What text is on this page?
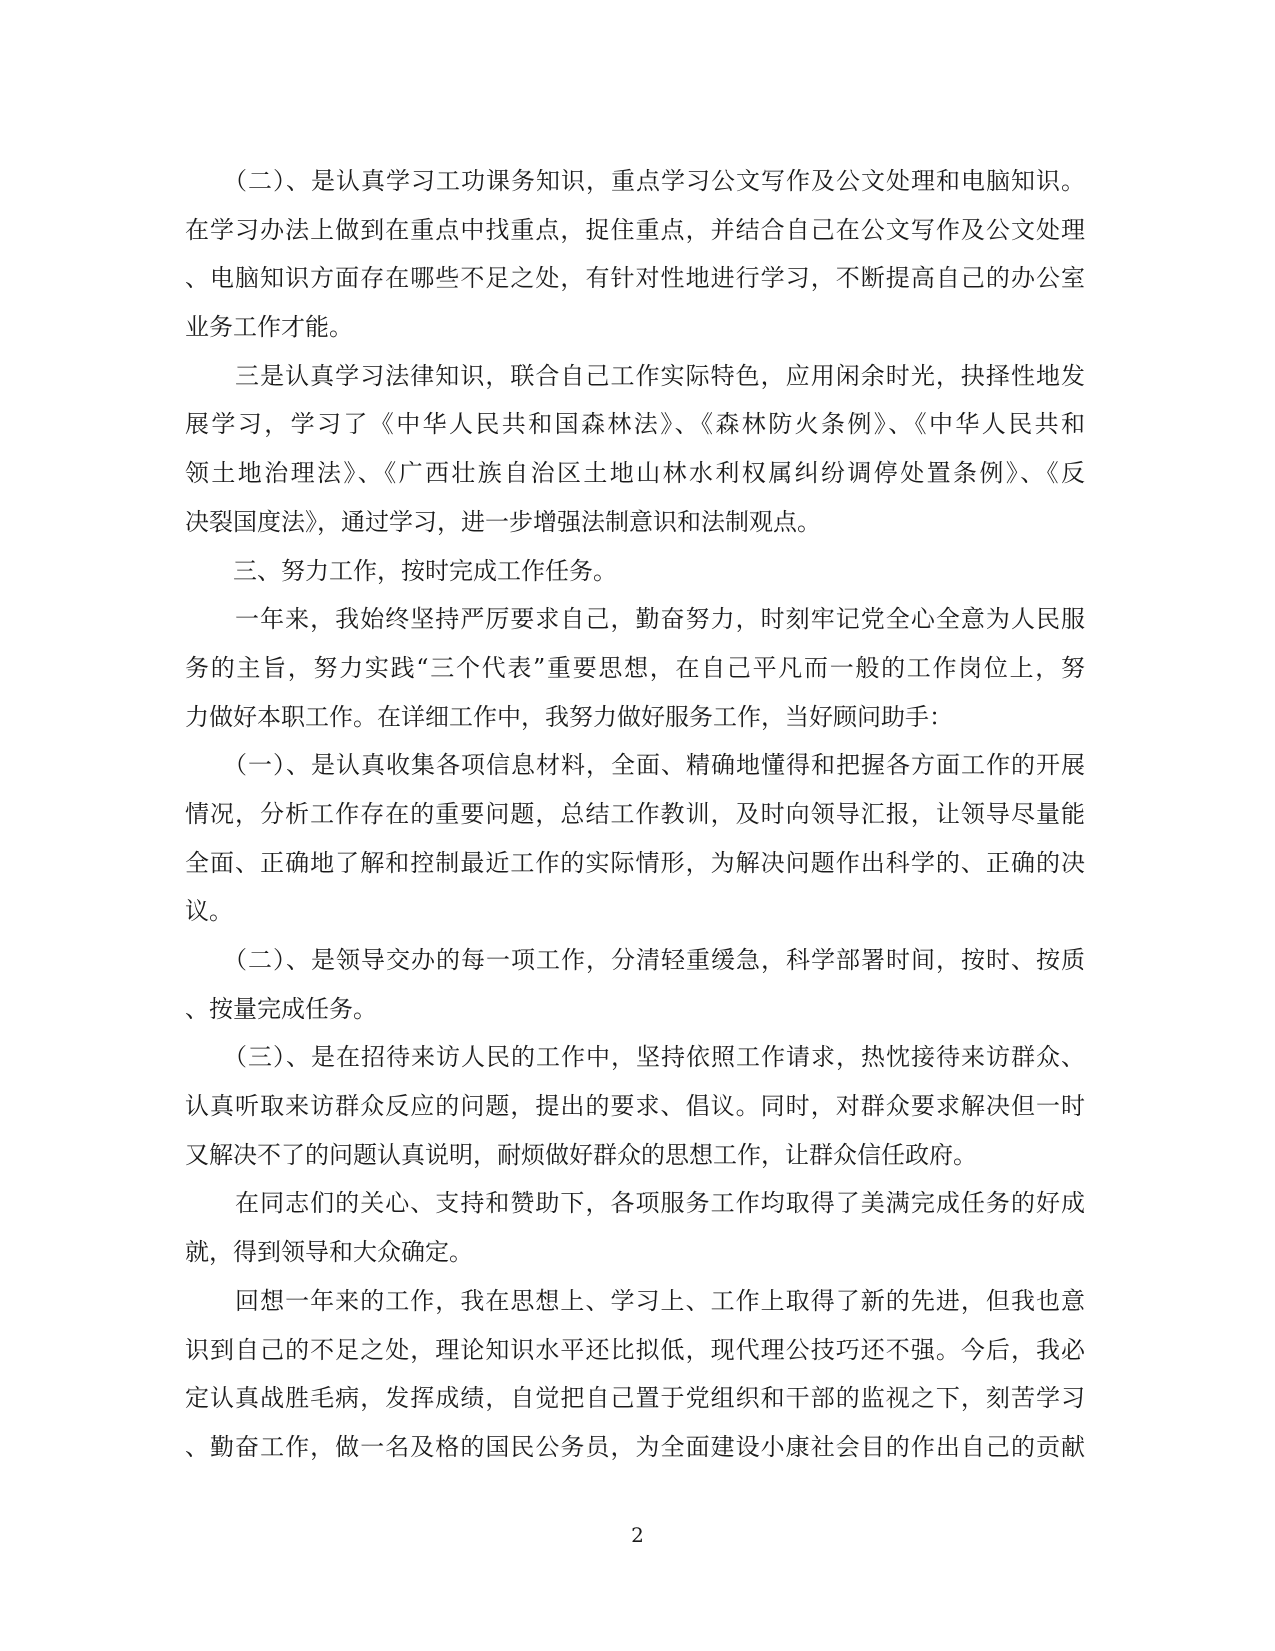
　　（二）、是认真学习工功课务知识，重点学习公文写作及公文处理和电脑知识。
在学习办法上做到在重点中找重点，捉住重点，并结合自己在公文写作及公文处理
、电脑知识方面存在哪些不足之处，有针对性地进行学习，不断提高自己的办公室
业务工作才能。
　　三是认真学习法律知识，联合自己工作实际特色，应用闲余时光，抉择性地发
展学习，学习了《中华人民共和国森林法》、《森林防火条例》、《中华人民共和
领土地治理法》、《广西壮族自治区土地山林水利权属纠纷调停处置条例》、《反
决裂国度法》，通过学习，进一步增强法制意识和法制观点。
　　三、努力工作，按时完成工作任务。
　　一年来，我始终坚持严厉要求自己，勤奋努力，时刻牢记党全心全意为人民服
务的主旨，努力实践“三个代表”重要思想，在自己平凡而一般的工作岗位上，努
力做好本职工作。在详细工作中，我努力做好服务工作，当好顾问助手：
　　（一）、是认真收集各项信息材料，全面、精确地懂得和把握各方面工作的开展
情况，分析工作存在的重要问题，总结工作教训，及时向领导汇报，让领导尽量能
全面、正确地了解和控制最近工作的实际情形，为解决问题作出科学的、正确的决
议。
　　（二）、是领导交办的每一项工作，分清轻重缓急，科学部署时间，按时、按质
、按量完成任务。
　　（三）、是在招待来访人民的工作中，坚持依照工作请求，热忱接待来访群众、
认真听取来访群众反应的问题，提出的要求、倡议。同时，对群众要求解决但一时
又解决不了的问题认真说明，耐烦做好群众的思想工作，让群众信任政府。
　　在同志们的关心、支持和赞助下，各项服务工作均取得了美满完成任务的好成
就，得到领导和大众确定。
　　回想一年来的工作，我在思想上、学习上、工作上取得了新的先进，但我也意
识到自己的不足之处，理论知识水平还比拟低，现代理公技巧还不强。今后，我必
定认真战胜毛病，发挥成绩，自觉把自己置于党组织和干部的监视之下，刻苦学习
、勤奋工作，做一名及格的国民公务员，为全面建设小康社会目的作出自己的贡献
2
